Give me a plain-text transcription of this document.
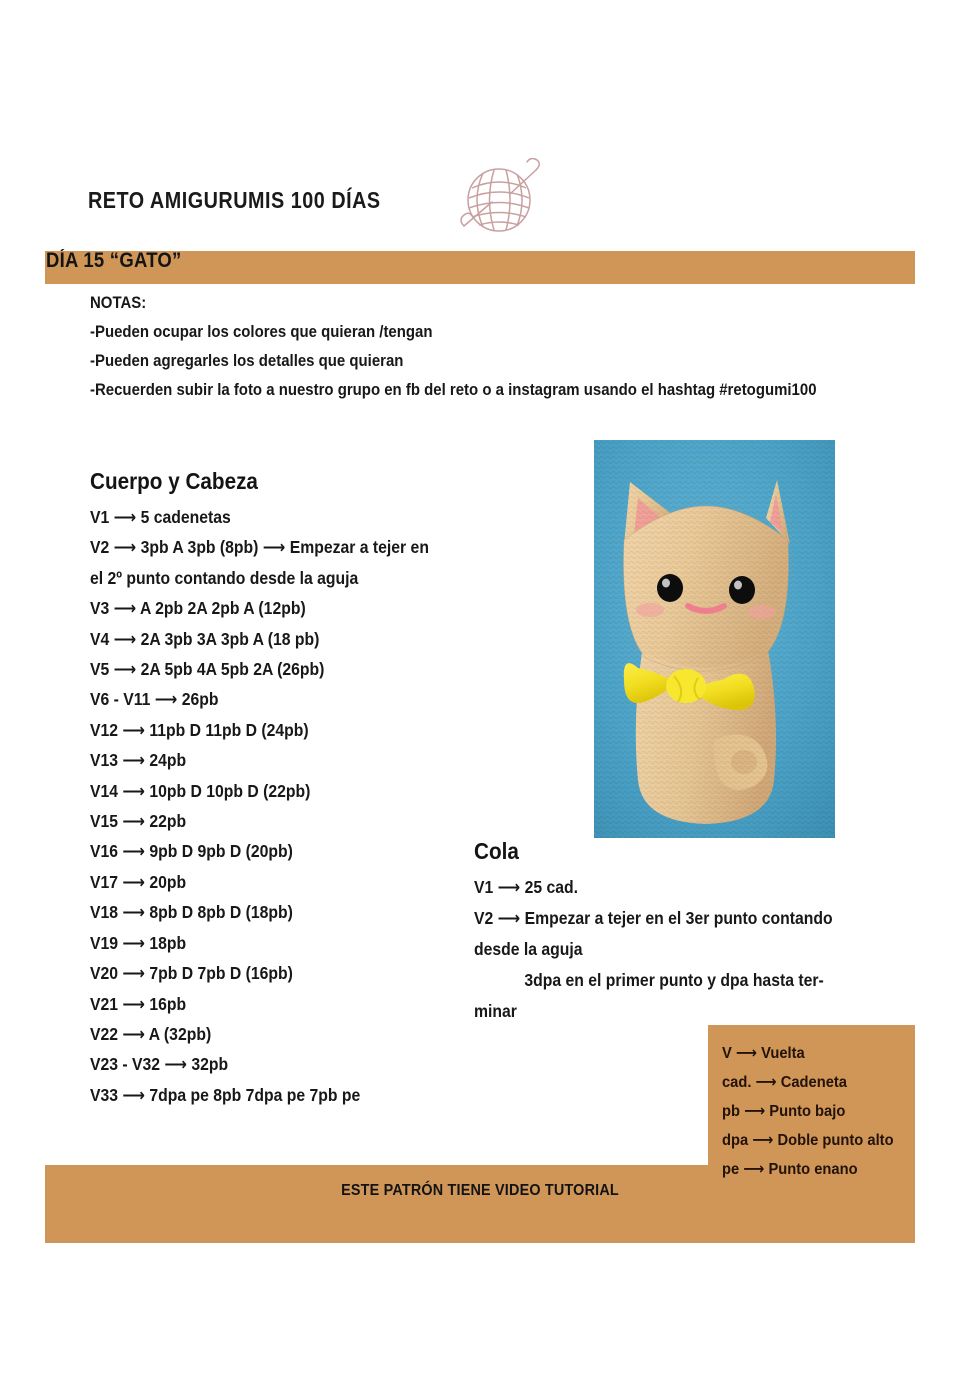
RETO AMIGURUMIS 100 DÍAS
DÍA 15 “GATO”
NOTAS:
-Pueden ocupar los colores que quieran /tengan
-Pueden agregarles los detalles que quieran
-Recuerden subir la foto a nuestro grupo en fb del reto o a instagram usando el hashtag #retogumi100
Cuerpo y Cabeza
V1 ⟶ 5 cadenetas
V2 ⟶ 3pb A 3pb (8pb) ⟶ Empezar a tejer en
el 2º punto contando desde la aguja
V3 ⟶ A 2pb 2A 2pb A (12pb)
V4 ⟶ 2A 3pb 3A 3pb A (18 pb)
V5 ⟶ 2A 5pb 4A 5pb 2A (26pb)
V6 - V11 ⟶ 26pb
V12 ⟶ 11pb D 11pb D (24pb)
V13 ⟶ 24pb
V14 ⟶ 10pb D 10pb D (22pb)
V15 ⟶ 22pb
V16 ⟶ 9pb D 9pb D (20pb)
V17 ⟶ 20pb
V18 ⟶ 8pb D 8pb D (18pb)
V19 ⟶ 18pb
V20 ⟶ 7pb D 7pb D (16pb)
V21 ⟶ 16pb
V22 ⟶ A (32pb)
V23 - V32 ⟶ 32pb
V33 ⟶ 7dpa pe 8pb 7dpa pe 7pb pe
Cola
V1 ⟶ 25 cad.
V2 ⟶ Empezar a tejer en el 3er punto contando
desde la aguja
3dpa en el primer punto y dpa hasta ter-
minar
ESTE PATRÓN TIENE VIDEO TUTORIAL
V ⟶ Vuelta
cad. ⟶ Cadeneta
pb ⟶ Punto bajo
dpa ⟶ Doble punto alto
pe ⟶ Punto enano
